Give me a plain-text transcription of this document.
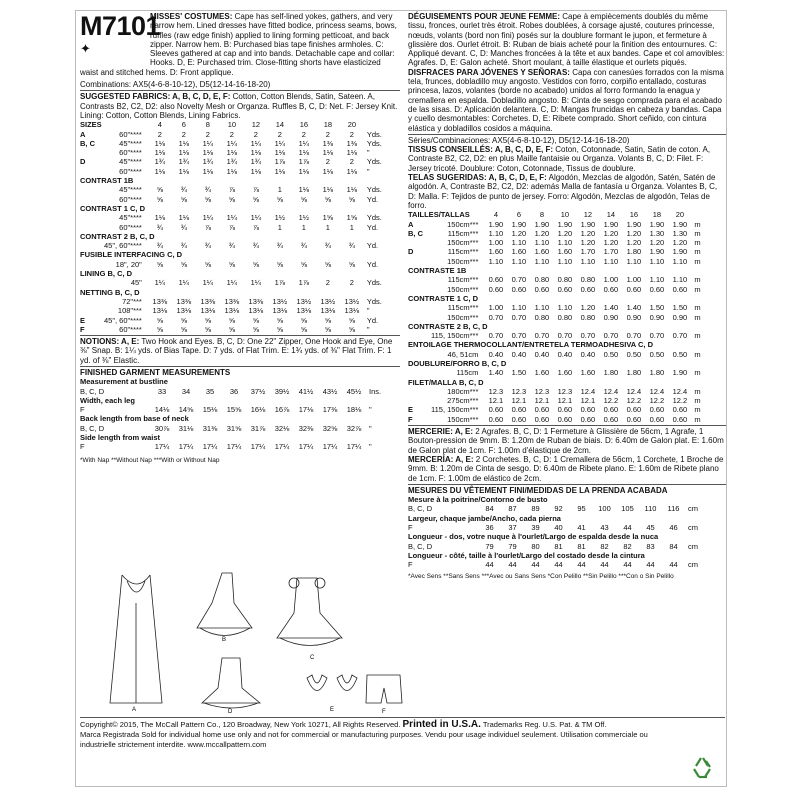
M7101
✦
MISSES' COSTUMES: Cape has self-lined yokes, gathers, and very narrow hem. Lined dresses have fitted bodice, princess seams, bows, ruffles (raw edge finish) applied to lining forming petticoat, and back zipper. Narrow hem. B: Purchased bias tape finishes armholes. C: Sleeves gathered at cap and into bands. Detachable cape and collar: Hooks. D, E: Purchased trim. Close-fitting shorts have elasticized waist and stitched hems. D: Front applique.
Combinations: AX5(4-6-8-10-12), D5(12-14-16-18-20)
SUGGESTED FABRICS: A, B, C, D, E, F: Cotton, Cotton Blends, Satin, Sateen. A, Contrasts B2, C2, D2: also Novelty Mesh or Organza. Ruffles B, C, D: Net. F: Jersey Knit. Lining: Cotton, Cotton Blends, Lining Fabrics.
SIZES		4	6	8	10	12	14	16	18	20	
A	60"****	2	2	2	2	2	2	2	2	2	Yds.
B, C	45"****	1⅛	1⅛	1¼	1¼	1¼	1¼	1¼	1⅜	1⅜	Yds.
	60"****	1⅛	1⅛	1⅛	1⅛	1⅛	1⅛	1⅛	1⅛	1⅛	"
D	45"****	1¾	1¾	1¾	1¾	1¾	1⅞	1⅞	2	2	Yds.
	60"****	1⅛	1⅛	1⅛	1⅛	1⅛	1⅛	1⅛	1⅛	1⅛	"
CONTRAST 1B											
	45"****	⅝	¾	¾	⅞	⅞	1	1⅛	1⅛	1⅛	Yds.
	60"****	⅝	⅝	⅝	⅝	⅝	⅝	⅝	⅝	⅝	Yd.
CONTRAST 1 C, D											
	45"****	1⅛	1⅛	1¼	1¼	1¼	1½	1½	1⅝	1⅝	Yds.
	60"****	¾	¾	⅞	⅞	⅞	1	1	1	1	Yd.
CONTRAST 2 B, C, D											
	45", 60"****	¾	¾	¾	¾	¾	¾	¾	¾	¾	Yd.
FUSIBLE INTERFACING C, D											
	18", 20"	⅝	⅝	⅝	⅝	⅝	⅝	⅝	⅝	⅝	Yd.
LINING B, C, D											
	45"	1¼	1¼	1¼	1¼	1¼	1⅞	1⅞	2	2	Yds.
NETTING B, C, D											
	72"***	13⅜	13⅜	13⅜	13⅜	13⅜	13½	13½	13½	13½	Yds.
	108"***	13⅛	13⅛	13⅛	13⅛	13⅛	13⅛	13⅛	13⅛	13⅛	"
E	45", 60"****	⅝	⅝	⅝	⅝	⅝	⅝	⅝	⅝	⅝	Yd.
F	60"****	⅝	⅝	⅝	⅝	⅝	⅝	⅝	⅝	⅝	"
NOTIONS: A, E: Two Hook and Eyes. B, C, D: One 22" Zipper, One Hook and Eye, One ⅜" Snap. B: 1¼ yds. of Bias Tape. D: 7 yds. of Flat Trim. E: 1¾ yds. of ⅜" Flat Trim. F: 1 yd. of ⅜" Elastic.
FINISHED GARMENT MEASUREMENTS
Measurement at bustline										
B, C, D	33	34	35	36	37½	39½	41½	43½	45½	Ins.
Width, each leg										
F	14⅛	14⅝	15⅛	15⅝	16⅛	16⅞	17⅛	17⅜	18⅛	"
Back length from base of neck										
B, C, D	30⅞	31⅛	31⅜	31⅝	31⅞	32⅛	32⅜	32⅝	32⅞	"
Side length from waist										
F	17¼	17¼	17¼	17¼	17¼	17¼	17¼	17¼	17¼	"
*With Nap **Without Nap ***With or Without Nap
DÉGUISEMENTS POUR JEUNE FEMME: Cape à empiècements doublés du même tissu, fronces, ourlet très étroit. Robes doublées, à corsage ajusté, coutures princesse, nœuds, volants (bord non fini) posés sur la doublure formant le jupon, et fermeture à glissière dos. Ourlet étroit. B: Ruban de biais acheté pour la finition des entournures. C: Appliqué devant. C, D: Manches froncées à la tête et aux bandes. Cape et col amovibles: Agrafes. D, E: Galon acheté. Short moulant, à taille élastique et ourlets piqués.
DISFRACES PARA JÓVENES Y SEÑORAS: Capa con canesúes forrados con la misma tela, frunces, dobladillo muy angosto. Vestidos con forro, corpiño entallado, costuras princesa, lazos, volantes (borde no acabado) unidos al forro formando la enagua y cremallera en espalda. Dobladillo angosto. B: Cinta de sesgo comprada para el acabado de las sisas. D: Aplicación delantera. C, D: Mangas fruncidas en cabeza y bandas. Capa y cuello desmontables: Corchetes. D, E: Ribete comprado. Short ceñido, con cintura elástica y dobladillos cosidos a máquina.
Séries/Combinaciones: AX5(4-6-8-10-12), D5(12-14-16-18-20)
TISSUS CONSEILLÉS: A, B, C, D, E, F: Coton, Cotonnade, Satin, Satin de coton. A, Contraste B2, C2, D2: en plus Maille fantaisie ou Organza. Volants B, C, D: Filet. F: Jersey tricoté. Doublure: Coton, Cotonnade, Tissus de doublure.
TELAS SUGERIDAS: A, B, C, D, E, F: Algodón, Mezclas de algodón, Satén, Satén de algodón. A, Contraste B2, C2, D2: además Malla de fantasía u Organza. Volantes B, C, D: Malla. F: Tejidos de punto de jersey. Forro: Algodón, Mezclas de algodón, Telas de forro.
TAILLES/TALLAS		4	6	8	10	12	14	16	18	20	
A	150cm***	1.90	1.90	1.90	1.90	1.90	1.90	1.90	1.90	1.90	m
B, C	115cm***	1.10	1.20	1.20	1.20	1.20	1.20	1.20	1.30	1.30	m
	150cm***	1.00	1.10	1.10	1.10	1.20	1.20	1.20	1.20	1.20	m
D	115cm***	1.60	1.60	1.60	1.60	1.70	1.70	1.80	1.90	1.90	m
	150cm***	1.10	1.10	1.10	1.10	1.10	1.10	1.10	1.10	1.10	m
CONTRASTE 1B											
	115cm***	0.60	0.70	0.80	0.80	0.80	1.00	1.00	1.10	1.10	m
	150cm***	0.60	0.60	0.60	0.60	0.60	0.60	0.60	0.60	0.60	m
CONTRASTE 1 C, D											
	115cm***	1.00	1.10	1.10	1.10	1.20	1.40	1.40	1.50	1.50	m
	150cm***	0.70	0.70	0.80	0.80	0.80	0.90	0.90	0.90	0.90	m
CONTRASTE 2 B, C, D											
	115, 150cm***	0.70	0.70	0.70	0.70	0.70	0.70	0.70	0.70	0.70	m
ENTOILAGE THERMOCOLLANT/ENTRETELA TERMOADHESIVA C, D											
	46, 51cm	0.40	0.40	0.40	0.40	0.40	0.50	0.50	0.50	0.50	m
DOUBLURE/FORRO B, C, D											
	115cm	1.40	1.50	1.60	1.60	1.60	1.80	1.80	1.80	1.90	m
FILET/MALLA B, C, D											
	180cm***	12.3	12.3	12.3	12.3	12.4	12.4	12.4	12.4	12.4	m
	275cm***	12.1	12.1	12.1	12.1	12.1	12.2	12.2	12.2	12.2	m
E	115, 150cm***	0.60	0.60	0.60	0.60	0.60	0.60	0.60	0.60	0.60	m
F	150cm***	0.60	0.60	0.60	0.60	0.60	0.60	0.60	0.60	0.60	m
MERCERIE: A, E: 2 Agrafes. B, C, D: 1 Fermeture à Glissière de 56cm, 1 Agrafe, 1 Bouton-pression de 9mm. B: 1.20m de Ruban de biais. D: 6.40m de Galon plat. E: 1.60m de Galon plat de 1cm. F: 1.00m d'élastique de 2cm.
MERCERÍA: A, E: 2 Corchetes. B, C, D: 1 Cremallera de 56cm, 1 Corchete, 1 Broche de 9mm. B: 1.20m de Cinta de sesgo. D: 6.40m de Ribete plano. E: 1.60m de Ribete plano de 1cm. F: 1.00m de elástico de 2cm.
MESURES DU VÊTEMENT FINI/MEDIDAS DE LA PRENDA ACABADA
Mesure à la poitrine/Contorno de busto										
B, C, D	84	87	89	92	95	100	105	110	116	cm
Largeur, chaque jambe/Ancho, cada pierna										
F	36	37	39	40	41	43	44	45	46	cm
Longueur - dos, votre nuque à l'ourlet/Largo de espalda desde la nuca										
B, C, D	79	79	80	81	81	82	82	83	84	cm
Longueur - côté, taille à l'ourlet/Largo del costado desde la cintura										
F	44	44	44	44	44	44	44	44	44	cm
*Avec Sens **Sans Sens ***Avec ou Sans Sens *Con Pelillo **Sin Pelillo ***Con o Sin Pelillo
A
B
C
D	E	F
Copyright© 2015, The McCall Pattern Co., 120 Broadway, New York 10271, All Rights Reserved. Printed in U.S.A. Trademarks Reg. U.S. Pat. & TM Off.
Marca Registrada Sold for individual home use only and not for commercial or manufacturing purposes. Vendu pour usage individuel seulement. Utilisation commerciale ou
industrielle strictement interdite. www.mccallpattern.com
